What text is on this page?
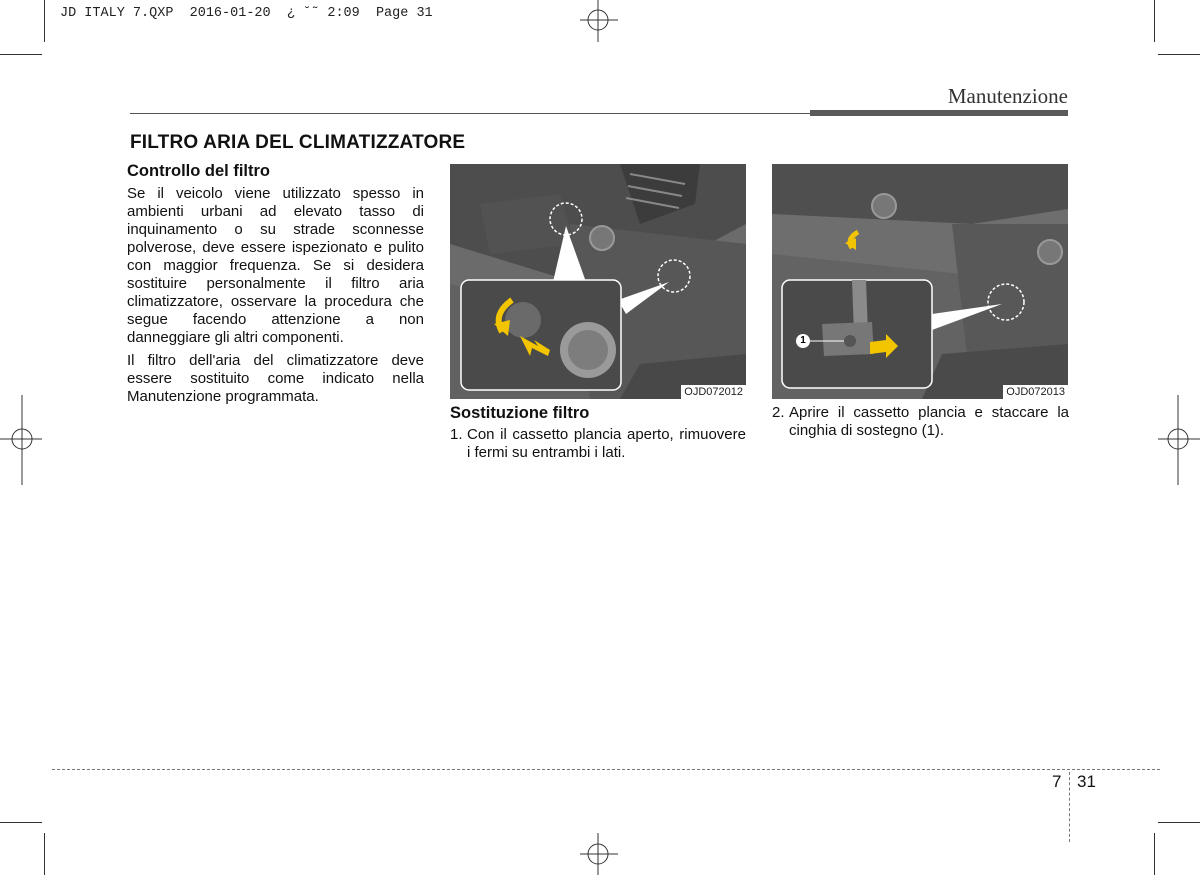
JD ITALY 7.QXP  2016-01-20  ¿ ˘˜ 2:09  Page 31
Manutenzione
FILTRO ARIA DEL CLIMATIZZATORE
Controllo del filtro
Se il veicolo viene utilizzato spesso in ambienti urbani ad elevato tasso di inquinamento o su strade sconnesse polverose, deve essere ispezionato e pulito con maggior frequenza. Se si desidera sostituire personalmente il filtro aria climatizzatore, osservare la procedura che segue facendo attenzione a non danneggiare gli altri componenti.
Il filtro dell'aria del climatizzatore deve essere sostituito come indicato nella Manutenzione programmata.	OJD072012
1
OJD072013
Sostituzione filtro
1. Con il cassetto plancia aperto, rimuovere i fermi su entrambi i lati.
2. Aprire il cassetto plancia e staccare la cinghia di sostegno (1).
7 31
